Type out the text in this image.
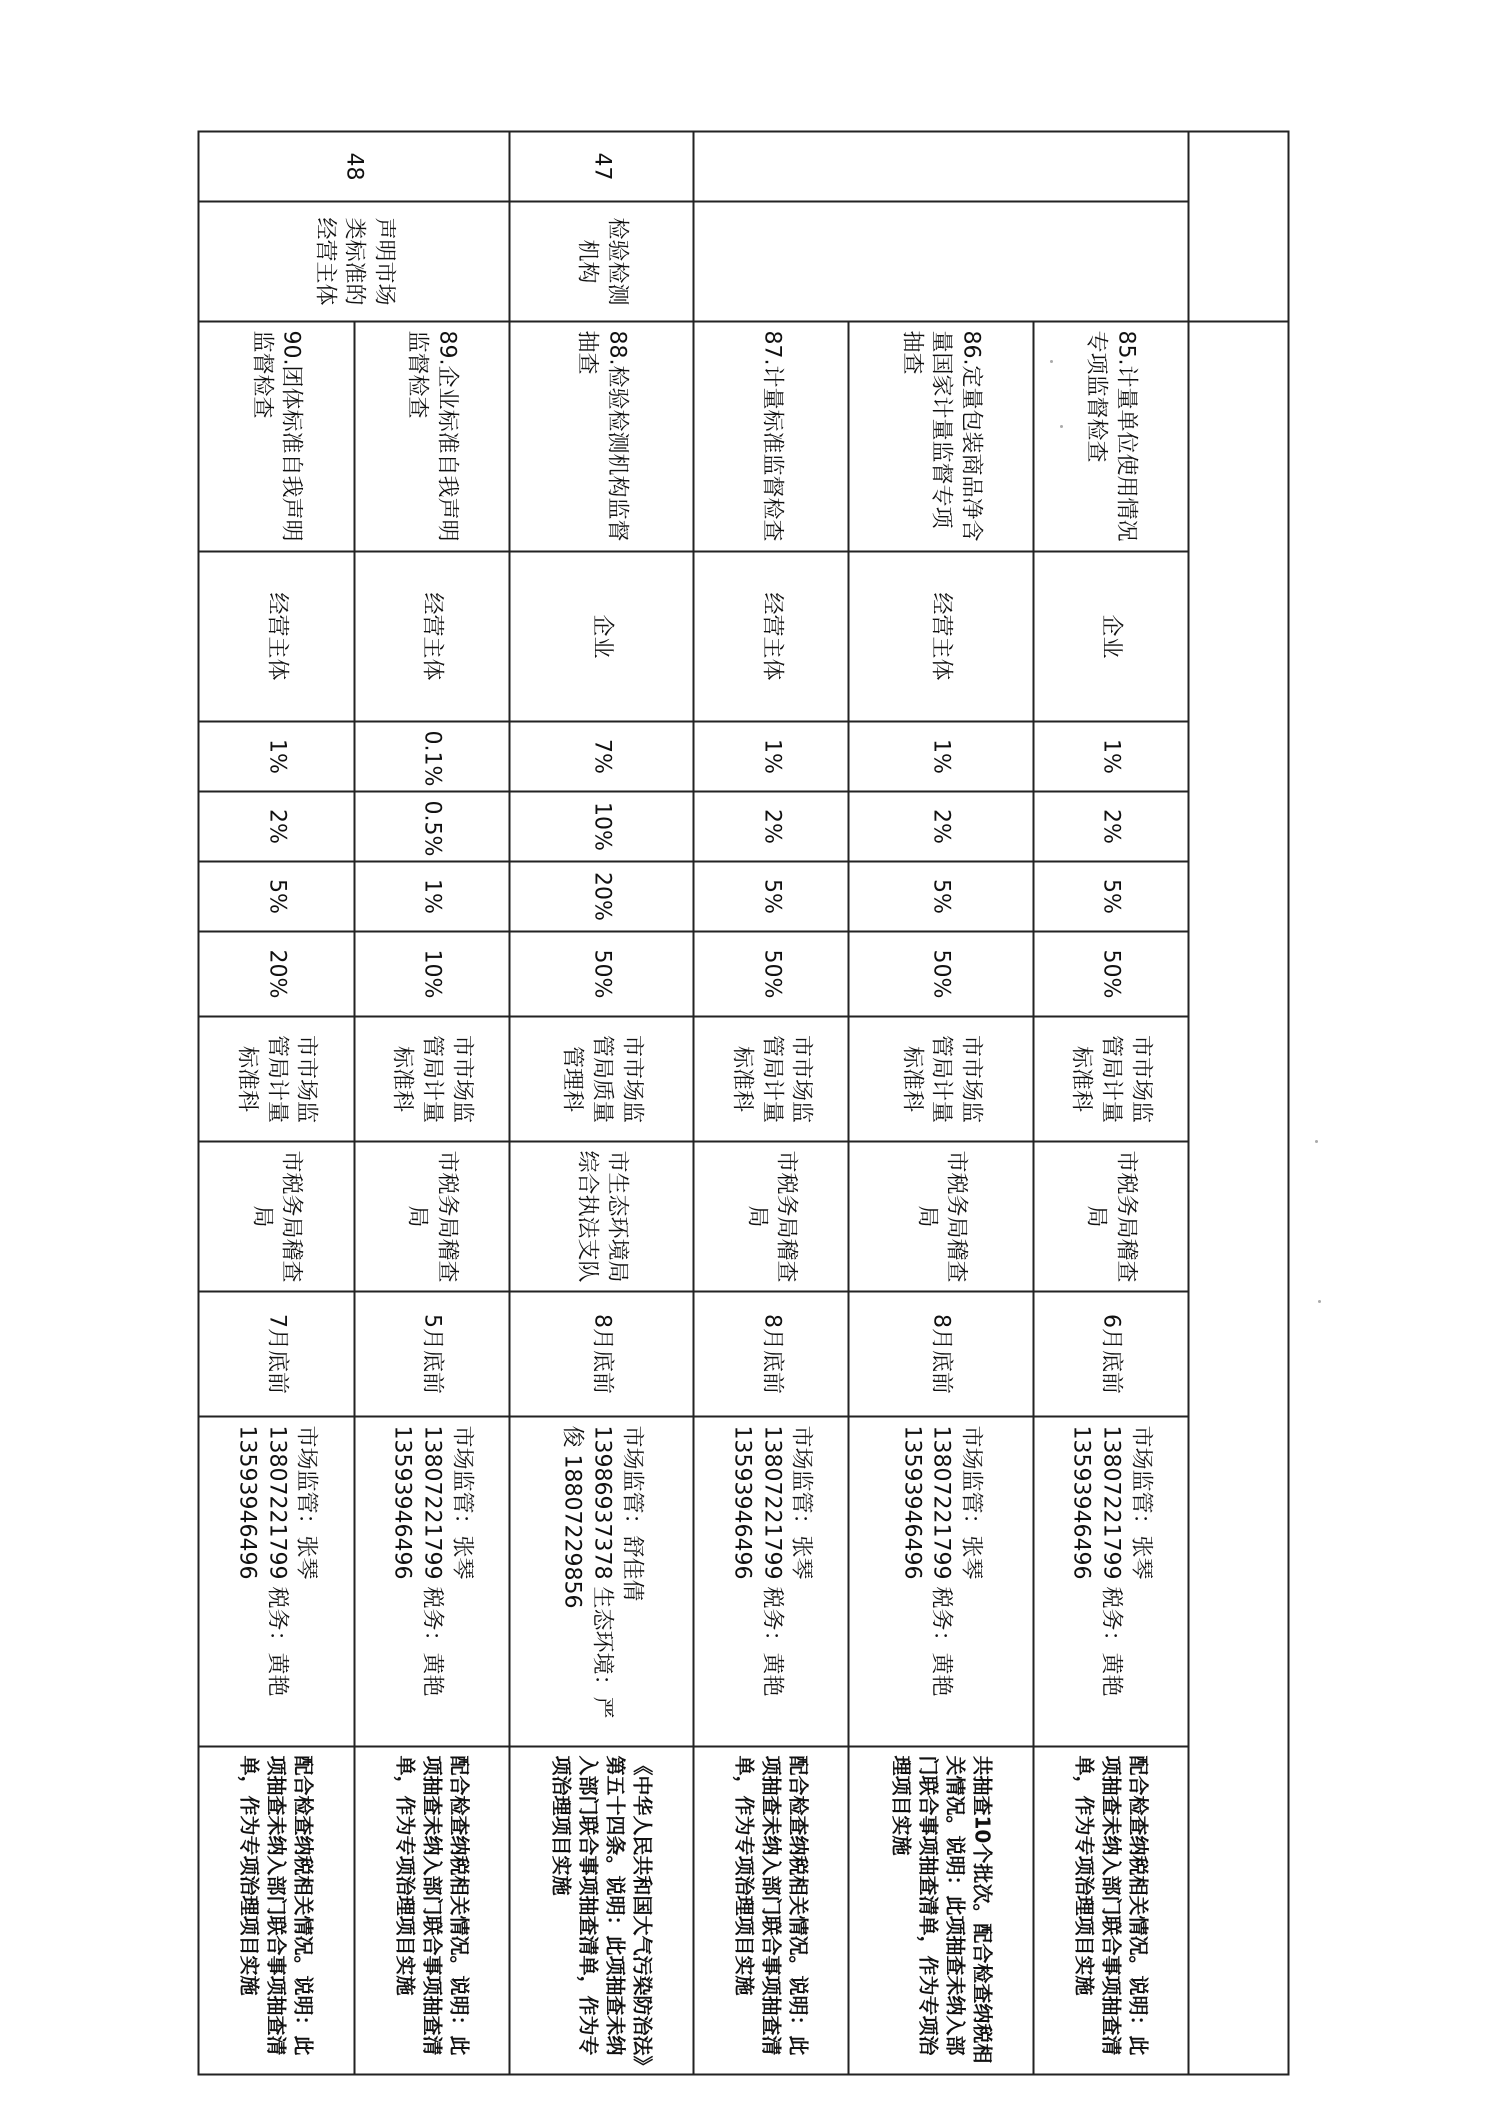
		85.计量单位使用情况专项监督检查	企业	1%	2%	5%	50%	市市场监管局计量标准科	市税务局稽查局	6月底前	市场监管：张琴 13807221799 税务：黄艳 13593946496	配合检查纳税相关情况。说明：此项抽查未纳入部门联合事项抽查清单，作为专项治理项目实施
		86.定量包装商品净含量国家计量监督专项抽查	经营主体	1%	2%	5%	50%	市市场监管局计量标准科	市税务局稽查局	8月底前	市场监管：张琴 13807221799 税务：黄艳 13593946496	共抽查10个批次。配合检查纳税相关情况。说明：此项抽查未纳入部门联合事项抽查清单，作为专项治理项目实施
		87.计量标准监督检查	经营主体	1%	2%	5%	50%	市市场监管局计量标准科	市税务局稽查局	8月底前	市场监管：张琴 13807221799 税务：黄艳 13593946496	配合检查纳税相关情况。说明：此项抽查未纳入部门联合事项抽查清单，作为专项治理项目实施
47	检验检测机构	88.检验检测机构监督抽查	企业	7%	10%	20%	50%	市市场监管局质量管理科	市生态环境局综合执法支队	8月底前	市场监管：舒佳倩 13986937378 生态环境：严俊 18807229856	《中华人民共和国大气污染防治法》第五十四条。说明：此项抽查未纳入部门联合事项抽查清单，作为专项治理项目实施
48	声明市场类标准的经营主体	89.企业标准自我声明监督检查	经营主体	0.1%	0.5%	1%	10%	市市场监管局计量标准科	市税务局稽查局	5月底前	市场监管：张琴 13807221799 税务：黄艳 13593946496	配合检查纳税相关情况。说明：此项抽查未纳入部门联合事项抽查清单，作为专项治理项目实施
		90.团体标准自我声明监督检查	经营主体	1%	2%	5%	20%	市市场监管局计量标准科	市税务局稽查局	7月底前	市场监管：张琴 13807221799 税务：黄艳 13593946496	配合检查纳税相关情况。说明：此项抽查未纳入部门联合事项抽查清单，作为专项治理项目实施
